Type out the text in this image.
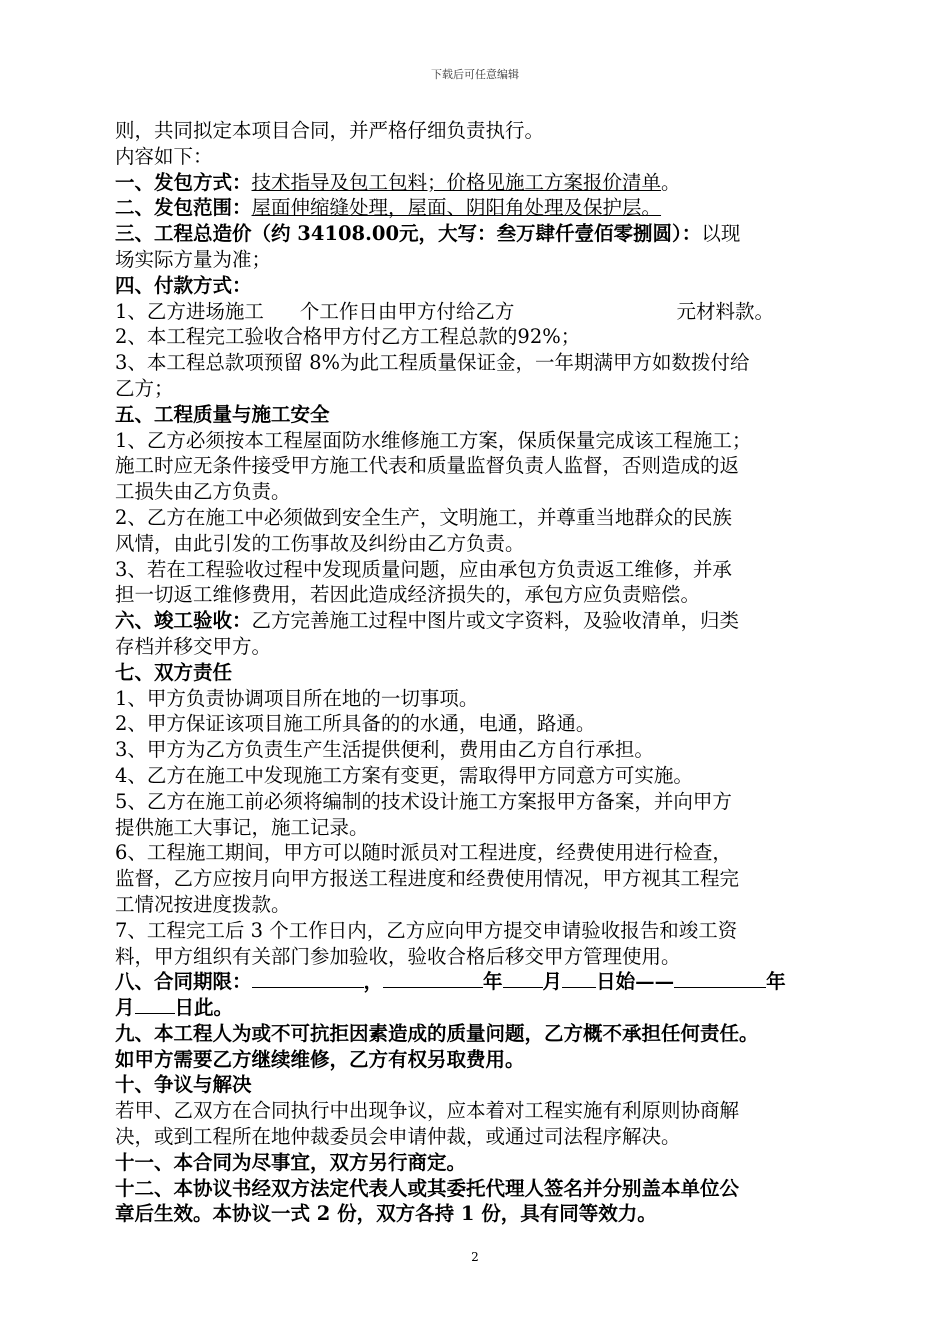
下载后可任意编辑
则，共同拟定本项目合同，并严格仔细负责执行。
内容如下：
一、发包方式：技术指导及包工包料；价格见施工方案报价清单。
二、发包范围：屋面伸缩缝处理，屋面、阴阳角处理及保护层。
三、工程总造价（约 34108.00元，大写：叁万肆仟壹佰零捌圆）：以现
场实际方量为准；
四、付款方式：
1、乙方进场施工 个工作日由甲方付给乙方	元材料款。
2、本工程完工验收合格甲方付乙方工程总款的92%；
3、本工程总款项预留 8%为此工程质量保证金，一年期满甲方如数拨付给
乙方；
五、工程质量与施工安全
1、乙方必须按本工程屋面防水维修施工方案，保质保量完成该工程施工；
施工时应无条件接受甲方施工代表和质量监督负责人监督，否则造成的返
工损失由乙方负责。
2、乙方在施工中必须做到安全生产，文明施工，并尊重当地群众的民族
风情，由此引发的工伤事故及纠纷由乙方负责。
3、若在工程验收过程中发现质量问题，应由承包方负责返工维修，并承
担一切返工维修费用，若因此造成经济损失的，承包方应负责赔偿。
六、竣工验收：乙方完善施工过程中图片或文字资料，及验收清单，归类
存档并移交甲方。
七、双方责任
1、甲方负责协调项目所在地的一切事项。
2、甲方保证该项目施工所具备的的水通，电通，路通。
3、甲方为乙方负责生产生活提供便利，费用由乙方自行承担。
4、乙方在施工中发现施工方案有变更，需取得甲方同意方可实施。
5、乙方在施工前必须将编制的技术设计施工方案报甲方备案，并向甲方
提供施工大事记，施工记录。
6、工程施工期间，甲方可以随时派员对工程进度，经费使用进行检查，
监督，乙方应按月向甲方报送工程进度和经费使用情况，甲方视其工程完
工情况按进度拨款。
7、工程完工后 3 个工作日内，乙方应向甲方提交申请验收报告和竣工资
料，甲方组织有关部门参加验收，验收合格后移交甲方管理使用。
八、合同期限：	，	年 月 日始——	年
月 日此。
九、本工程人为或不可抗拒因素造成的质量问题，乙方概不承担任何责任。
如甲方需要乙方继续维修，乙方有权另取费用。
十、争议与解决
若甲、乙双方在合同执行中出现争议，应本着对工程实施有利原则协商解
决，或到工程所在地仲裁委员会申请仲裁，或通过司法程序解决。
十一、本合同为尽事宜，双方另行商定。
十二、本协议书经双方法定代表人或其委托代理人签名并分别盖本单位公
章后生效。本协议一式 2 份，双方各持 1 份，具有同等效力。
2
